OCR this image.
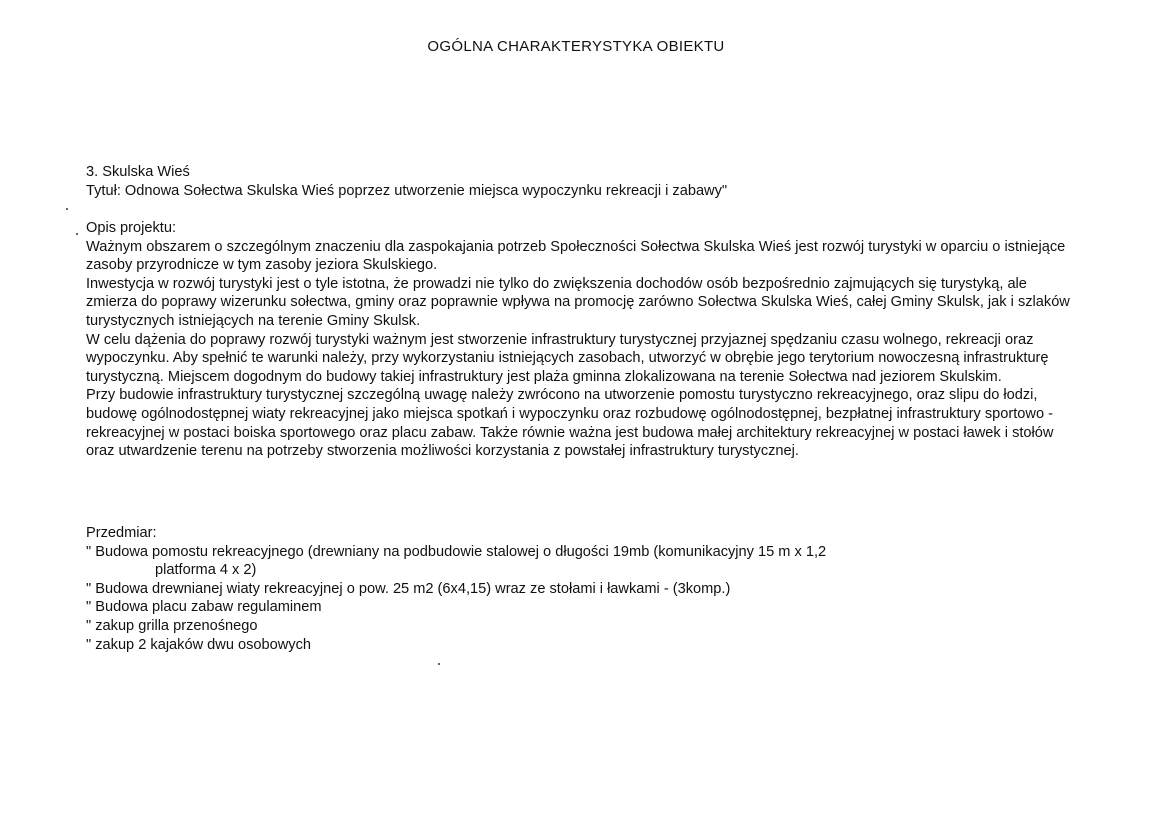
OGÓLNA CHARAKTERYSTYKA OBIEKTU

3. Skulska Wieś

Tytuł: Odnowa Sołectwa Skulska Wieś poprzez utworzenie miejsca wypoczynku rekreacji i zabawy"

Opis projektu:

Ważnym obszarem o szczególnym znaczeniu dla zaspokajania potrzeb Społeczności Sołectwa Skulska Wieś jest rozwój turystyki w oparciu o istniejące zasoby przyrodnicze w tym zasoby jeziora Skulskiego.

Inwestycja w rozwój turystyki jest o tyle istotna, że prowadzi nie tylko do zwiększenia dochodów osób bezpośrednio zajmujących się turystyką, ale zmierza do poprawy wizerunku sołectwa, gminy oraz poprawnie wpływa na promocję zarówno Sołectwa Skulska Wieś, całej Gminy Skulsk, jak i szlaków turystycznych istniejących na terenie Gminy Skulsk.

W celu dążenia do poprawy rozwój turystyki ważnym jest stworzenie infrastruktury turystycznej przyjaznej spędzaniu czasu wolnego, rekreacji oraz wypoczynku. Aby spełnić te warunki należy, przy wykorzystaniu istniejących zasobach, utworzyć w obrębie jego terytorium nowoczesną infrastrukturę turystyczną. Miejscem dogodnym do budowy takiej infrastruktury jest plaża gminna zlokalizowana na terenie Sołectwa nad jeziorem Skulskim.

Przy budowie infrastruktury turystycznej szczególną uwagę należy zwrócono na utworzenie pomostu turystyczno rekreacyjnego, oraz slipu do łodzi, budowę ogólnodostępnej wiaty rekreacyjnej jako miejsca spotkań i wypoczynku oraz rozbudowę ogólnodostępnej, bezpłatnej infrastruktury sportowo - rekreacyjnej w postaci boiska sportowego oraz placu zabaw. Także równie ważna jest budowa małej architektury rekreacyjnej w postaci ławek i stołów oraz utwardzenie terenu na potrzeby stworzenia możliwości korzystania z powstałej infrastruktury turystycznej.

Przedmiar:

" Budowa pomostu rekreacyjnego (drewniany na podbudowie stalowej o długości 19mb (komunikacyjny 15 m x 1,2

platforma 4 x 2)

" Budowa drewnianej wiaty rekreacyjnej o pow. 25 m2 (6x4,15) wraz ze stołami i ławkami - (3komp.)

" Budowa placu zabaw regulaminem

" zakup grilla przenośnego

" zakup 2 kajaków dwu osobowych
